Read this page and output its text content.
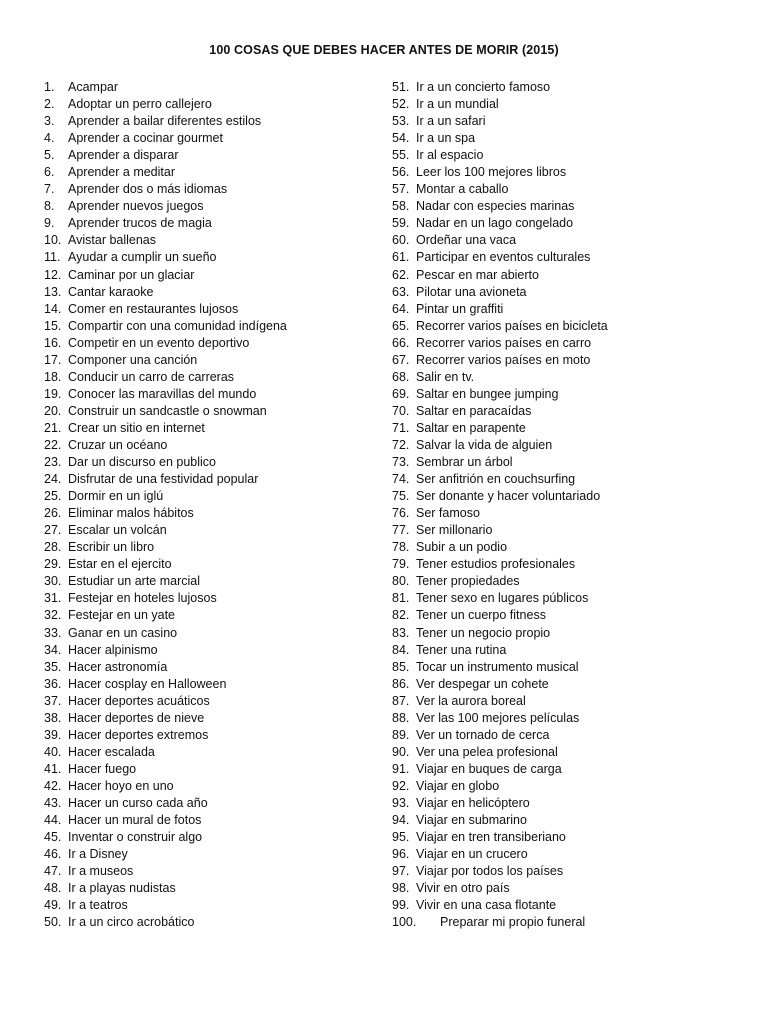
100 COSAS QUE DEBES HACER ANTES DE MORIR (2015)
1. Acampar
2. Adoptar un perro callejero
3. Aprender a bailar diferentes estilos
4. Aprender a cocinar gourmet
5. Aprender a disparar
6. Aprender a meditar
7. Aprender dos o más idiomas
8. Aprender nuevos juegos
9. Aprender trucos de magia
10. Avistar ballenas
11. Ayudar a cumplir un sueño
12. Caminar por un glaciar
13. Cantar karaoke
14. Comer en restaurantes lujosos
15. Compartir con una comunidad indígena
16. Competir en un evento deportivo
17. Componer una canción
18. Conducir un carro de carreras
19. Conocer las maravillas del mundo
20. Construir un sandcastle o snowman
21. Crear un sitio en internet
22. Cruzar un océano
23. Dar un discurso en publico
24. Disfrutar de una festividad popular
25. Dormir en un iglú
26. Eliminar malos hábitos
27. Escalar un volcán
28. Escribir un libro
29. Estar en el ejercito
30. Estudiar un arte marcial
31. Festejar en hoteles lujosos
32. Festejar en un yate
33. Ganar en un casino
34. Hacer alpinismo
35. Hacer astronomía
36. Hacer cosplay en Halloween
37. Hacer deportes acuáticos
38. Hacer deportes de nieve
39. Hacer deportes extremos
40. Hacer escalada
41. Hacer fuego
42. Hacer hoyo en uno
43. Hacer un curso cada año
44. Hacer un mural de fotos
45. Inventar o construir algo
46. Ir a Disney
47. Ir a museos
48. Ir a playas nudistas
49. Ir a teatros
50. Ir a un circo acrobático
51. Ir a un concierto famoso
52. Ir a un mundial
53. Ir a un safari
54. Ir a un spa
55. Ir al espacio
56. Leer los 100 mejores libros
57. Montar a caballo
58. Nadar con especies marinas
59. Nadar en un lago congelado
60. Ordeñar una vaca
61. Participar en eventos culturales
62. Pescar en mar abierto
63. Pilotar una avioneta
64. Pintar un graffiti
65. Recorrer varios países en bicicleta
66. Recorrer varios países en carro
67. Recorrer varios países en moto
68. Salir en tv.
69. Saltar en bungee jumping
70. Saltar en paracaídas
71. Saltar en parapente
72. Salvar la vida de alguien
73. Sembrar un árbol
74. Ser anfitrión en couchsurfing
75. Ser donante y hacer voluntariado
76. Ser famoso
77. Ser millonario
78. Subir a un podio
79. Tener estudios profesionales
80. Tener propiedades
81. Tener sexo en lugares públicos
82. Tener un cuerpo fitness
83. Tener un negocio propio
84. Tener una rutina
85. Tocar un instrumento musical
86. Ver despegar un cohete
87. Ver la aurora boreal
88. Ver las 100 mejores películas
89. Ver un tornado de cerca
90. Ver una pelea profesional
91. Viajar en buques de carga
92. Viajar en globo
93. Viajar en helicóptero
94. Viajar en submarino
95. Viajar en tren transiberiano
96. Viajar en un crucero
97. Viajar por todos los países
98. Vivir en otro país
99. Vivir en una casa flotante
100. Preparar mi propio funeral
